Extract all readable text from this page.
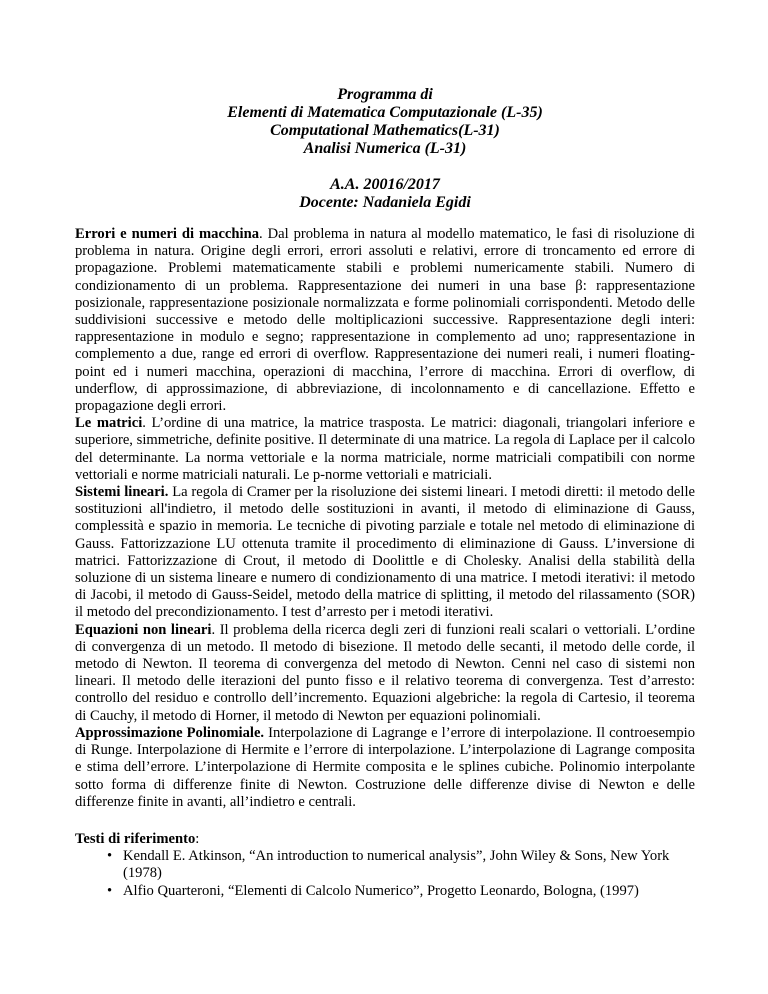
Programma di
Elementi di Matematica Computazionale (L-35)
Computational Mathematics(L-31)
Analisi Numerica (L-31)
A.A. 20016/2017
Docente: Nadaniela Egidi

Errori e numeri di macchina. Dal problema in natura al modello matematico, le fasi di risoluzione di problema in natura. Origine degli errori, errori assoluti e relativi, errore di troncamento ed errore di propagazione. Problemi matematicamente stabili e problemi numericamente stabili. Numero di condizionamento di un problema. Rappresentazione dei numeri in una base β: rappresentazione posizionale, rappresentazione posizionale normalizzata e forme polinomiali corrispondenti. Metodo delle suddivisioni successive e metodo delle moltiplicazioni successive. Rappresentazione degli interi: rappresentazione in modulo e segno; rappresentazione in complemento ad uno; rappresentazione in complemento a due, range ed errori di overflow. Rappresentazione dei numeri reali, i numeri floating-point ed i numeri macchina, operazioni di macchina, l’errore di macchina. Errori di overflow, di underflow, di approssimazione, di abbreviazione, di incolonnamento e di cancellazione. Effetto e propagazione degli errori.

Le matrici. L’ordine di una matrice, la matrice trasposta. Le matrici: diagonali, triangolari inferiore e superiore, simmetriche, definite positive. Il determinate di una matrice. La regola di Laplace per il calcolo del determinante. La norma vettoriale e la norma matriciale, norme matriciali compatibili con norme vettoriali e norme matriciali naturali. Le p-norme vettoriali e matriciali.

Sistemi lineari. La regola di Cramer per la risoluzione dei sistemi lineari. I metodi diretti: il metodo delle sostituzioni all'indietro, il metodo delle sostituzioni in avanti, il metodo di eliminazione di Gauss, complessità e spazio in memoria. Le tecniche di pivoting parziale e totale nel metodo di eliminazione di Gauss. Fattorizzazione LU ottenuta tramite il procedimento di eliminazione di Gauss. L’inversione di matrici. Fattorizzazione di Crout, il metodo di Doolittle e di Cholesky. Analisi della stabilità della soluzione di un sistema lineare e numero di condizionamento di una matrice. I metodi iterativi: il metodo di Jacobi, il metodo di Gauss-Seidel, metodo della matrice di splitting, il metodo del rilassamento (SOR) il metodo del precondizionamento. I test d’arresto per i metodi iterativi.

Equazioni non lineari. Il problema della ricerca degli zeri di funzioni reali scalari o vettoriali. L’ordine di convergenza di un metodo. Il metodo di bisezione. Il metodo delle secanti, il metodo delle corde, il metodo di Newton. Il teorema di convergenza del metodo di Newton. Cenni nel caso di sistemi non lineari. Il metodo delle iterazioni del punto fisso e il relativo teorema di convergenza. Test d’arresto: controllo del residuo e controllo dell’incremento. Equazioni algebriche: la regola di Cartesio, il teorema di Cauchy, il metodo di Horner, il metodo di Newton per equazioni polinomiali.

Approssimazione Polinomiale. Interpolazione di Lagrange e l’errore di interpolazione. Il controesempio di Runge. Interpolazione di Hermite e l’errore di interpolazione. L’interpolazione di Lagrange composita e stima dell’errore. L’interpolazione di Hermite composita e le splines cubiche. Polinomio interpolante sotto forma di differenze finite di Newton. Costruzione delle differenze divise di Newton e delle differenze finite in avanti, all’indietro e centrali.

Testi di riferimento:
• Kendall E. Atkinson, “An introduction to numerical analysis”, John Wiley & Sons, New York (1978)
• Alfio Quarteroni, “Elementi di Calcolo Numerico”, Progetto Leonardo, Bologna, (1997)
